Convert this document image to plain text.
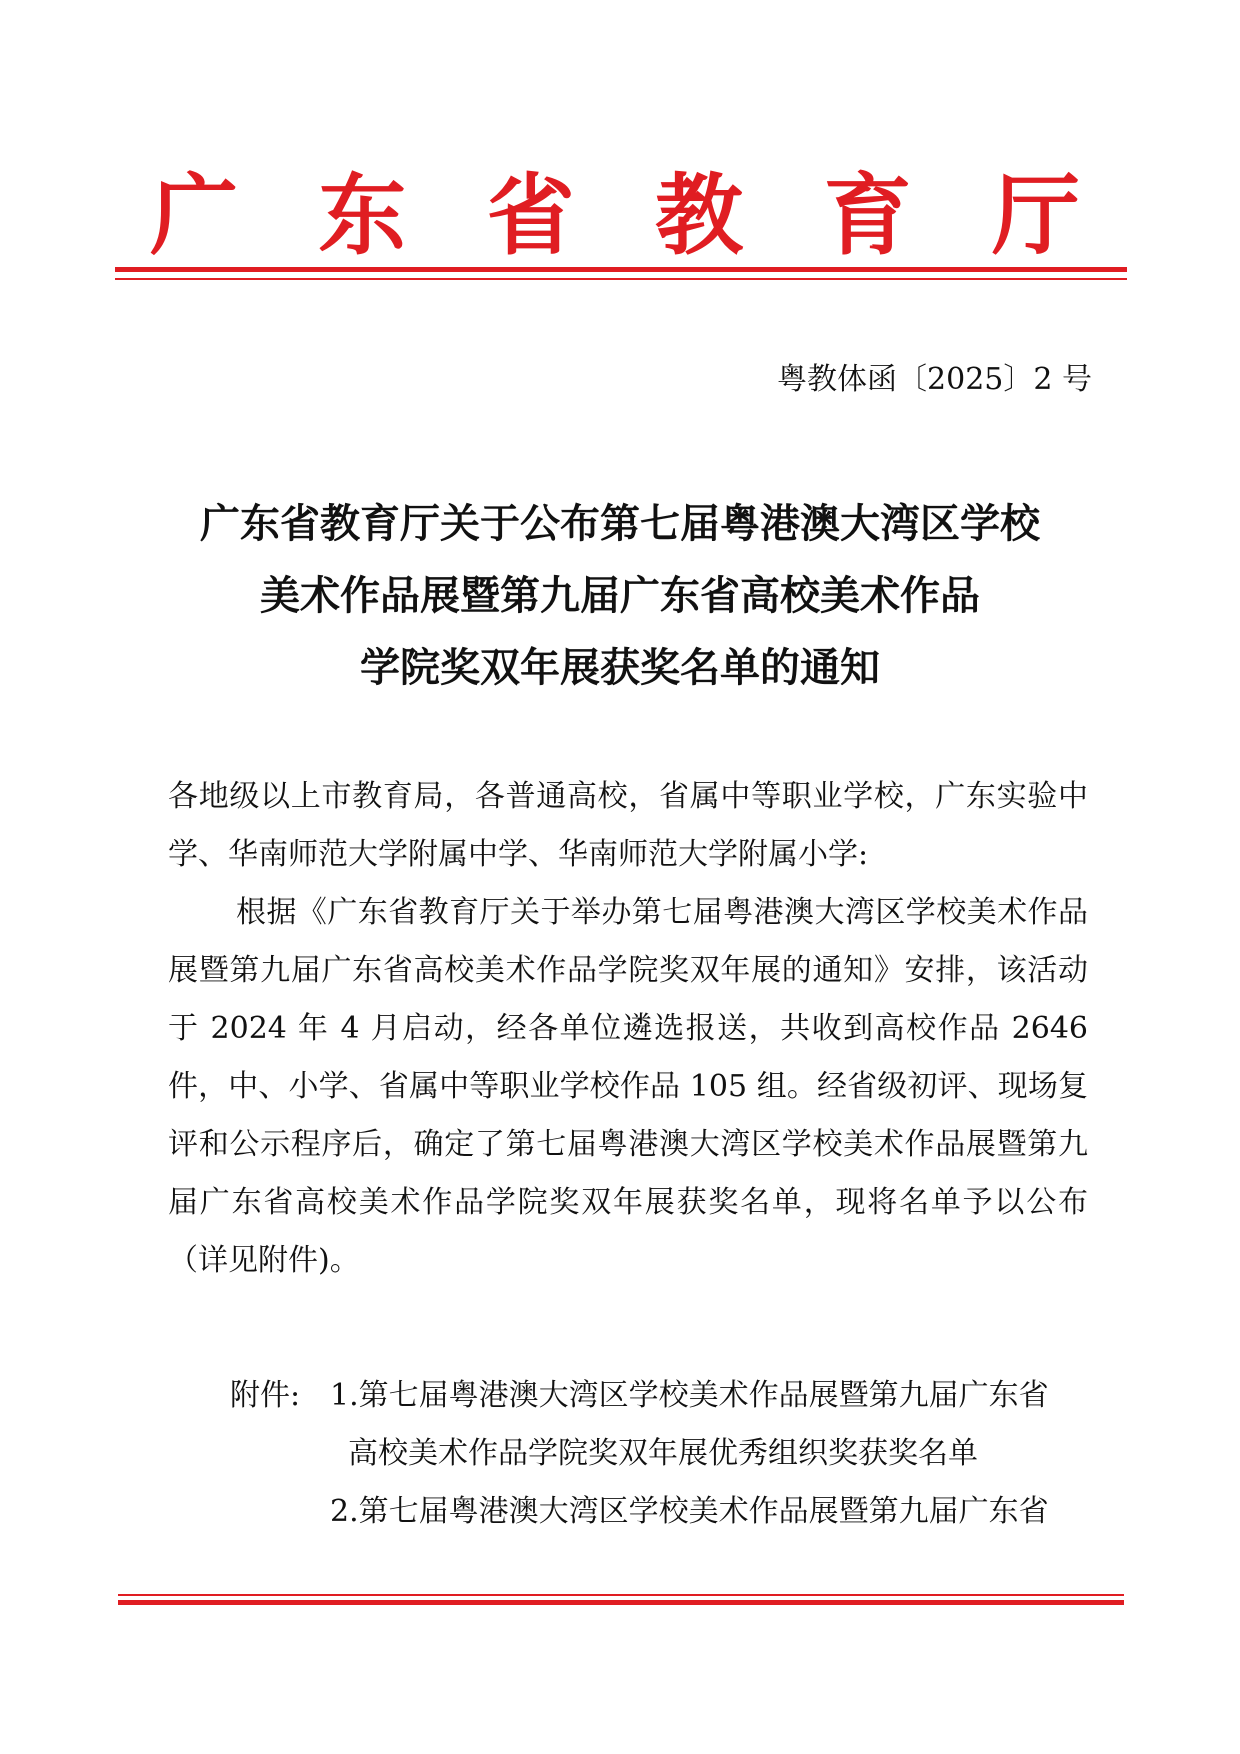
广 东 省 教 育 厅
粤教体函〔2025〕2 号
广东省教育厅关于公布第七届粤港澳大湾区学校
美术作品展暨第九届广东省高校美术作品
学院奖双年展获奖名单的通知

各地级以上市教育局，各普通高校，省属中等职业学校，广东实验中学、华南师范大学附属中学、华南师范大学附属小学:

根据《广东省教育厅关于举办第七届粤港澳大湾区学校美术作品展暨第九届广东省高校美术作品学院奖双年展的通知》安排，该活动于 2024 年 4 月启动，经各单位遴选报送，共收到高校作品 2646 件，中、小学、省属中等职业学校作品 105 组。经省级初评、现场复评和公示程序后，确定了第七届粤港澳大湾区学校美术作品展暨第九届广东省高校美术作品学院奖双年展获奖名单，现将名单予以公布（详见附件)。

附件: 1.第七届粤港澳大湾区学校美术作品展暨第九届广东省
高校美术作品学院奖双年展优秀组织奖获奖名单
2.第七届粤港澳大湾区学校美术作品展暨第九届广东省
